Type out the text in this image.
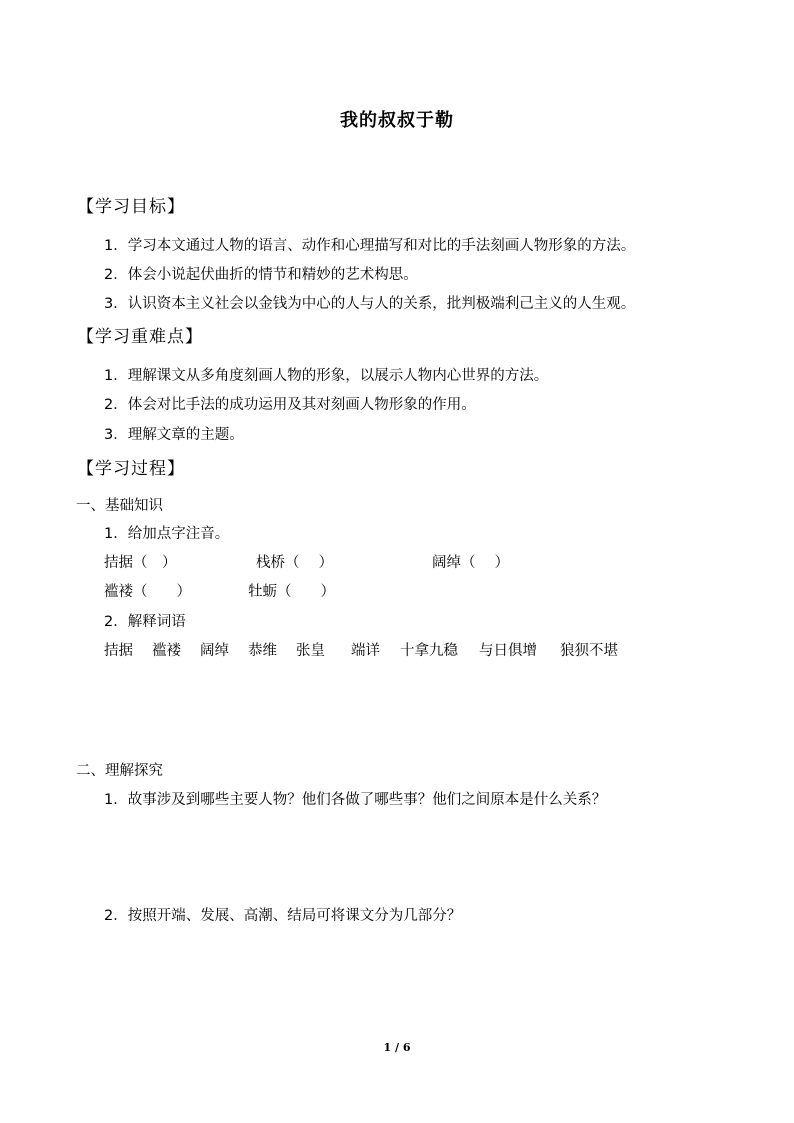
我的叔叔于勒
【学习目标】
1．学习本文通过人物的语言、动作和心理描写和对比的手法刻画人物形象的方法。
2．体会小说起伏曲折的情节和精妙的艺术构思。
3．认识资本主义社会以金钱为中心的人与人的关系，批判极端利己主义的人生观。
【学习重难点】
1．理解课文从多角度刻画人物的形象，以展示人物内心世界的方法。
2．体会对比手法的成功运用及其对刻画人物形象的作用。
3．理解文章的主题。
【学习过程】
一、基础知识
1．给加点字注音。
拮据（　）	栈桥（　 ）	阔绰（　 ）
褴褛（　　）	牡蛎（　　）
2．解释词语
拮据 褴褛 阔绰 恭维 张皇 端详 十拿九稳 与日俱增 狼狈不堪
二、理解探究
1．故事涉及到哪些主要人物？他们各做了哪些事？他们之间原本是什么关系？
2．按照开端、发展、高潮、结局可将课文分为几部分？
1 / 6
